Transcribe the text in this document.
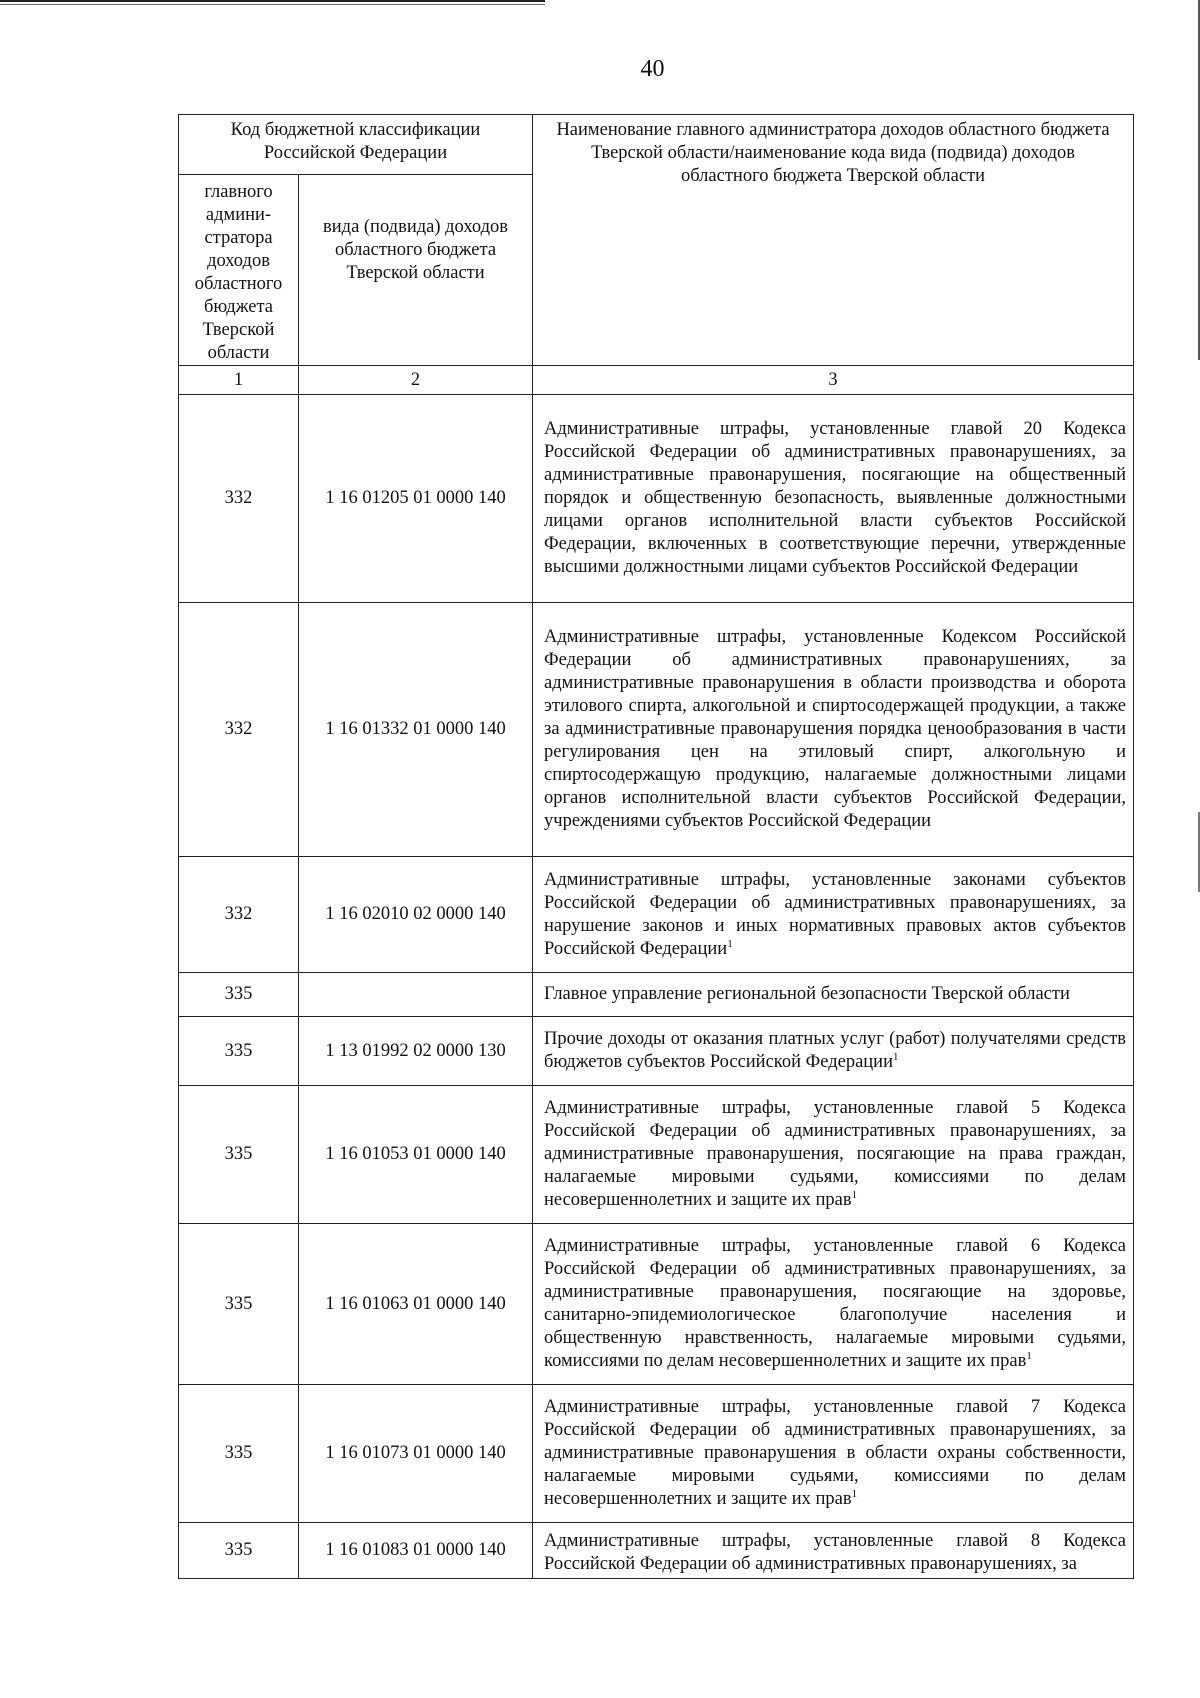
40
Код бюджетной классификации Российской Федерации		Наименование главного администратора доходов областного бюджета Тверской области/наименование кода вида (подвида) доходов областного бюджета Тверской области
главного админи-стратора доходов областного бюджета Тверской области	вида (подвида) доходов областного бюджета Тверской области	
1	2	3
332	1 16 01205 01 0000 140	Административные штрафы, установленные главой 20 Кодекса Российской Федерации об административных правонарушениях, за административные правонарушения, посягающие на общественный порядок и общественную безопасность, выявленные должностными лицами органов исполнительной власти субъектов Российской Федерации, включенных в соответствующие перечни, утвержденные высшими должностными лицами субъектов Российской Федерации
332	1 16 01332 01 0000 140	Административные штрафы, установленные Кодексом Российской Федерации об административных правонарушениях, за административные правонарушения в области производства и оборота этилового спирта, алкогольной и спиртосодержащей продукции, а также за административные правонарушения порядка ценообразования в части регулирования цен на этиловый спирт, алкогольную и спиртосодержащую продукцию, налагаемые должностными лицами органов исполнительной власти субъектов Российской Федерации, учреждениями субъектов Российской Федерации
332	1 16 02010 02 0000 140	Административные штрафы, установленные законами субъектов Российской Федерации об административных правонарушениях, за нарушение законов и иных нормативных правовых актов субъектов Российской Федерации$^1$
335		Главное управление региональной безопасности Тверской области
335	1 13 01992 02 0000 130	Прочие доходы от оказания платных услуг (работ) получателями средств бюджетов субъектов Российской Федерации$^1$
335	1 16 01053 01 0000 140	Административные штрафы, установленные главой 5 Кодекса Российской Федерации об административных правонарушениях, за административные правонарушения, посягающие на права граждан, налагаемые мировыми судьями, комиссиями по делам несовершеннолетних и защите их прав$^1$
335	1 16 01063 01 0000 140	Административные штрафы, установленные главой 6 Кодекса Российской Федерации об административных правонарушениях, за административные правонарушения, посягающие на здоровье, санитарно-эпидемиологическое благополучие населения и общественную нравственность, налагаемые мировыми судьями, комиссиями по делам несовершеннолетних и защите их прав$^1$
335	1 16 01073 01 0000 140	Административные штрафы, установленные главой 7 Кодекса Российской Федерации об административных правонарушениях, за административные правонарушения в области охраны собственности, налагаемые мировыми судьями, комиссиями по делам несовершеннолетних и защите их прав$^1$
335	1 16 01083 01 0000 140	Административные штрафы, установленные главой 8 Кодекса Российской Федерации об административных правонарушениях, за
